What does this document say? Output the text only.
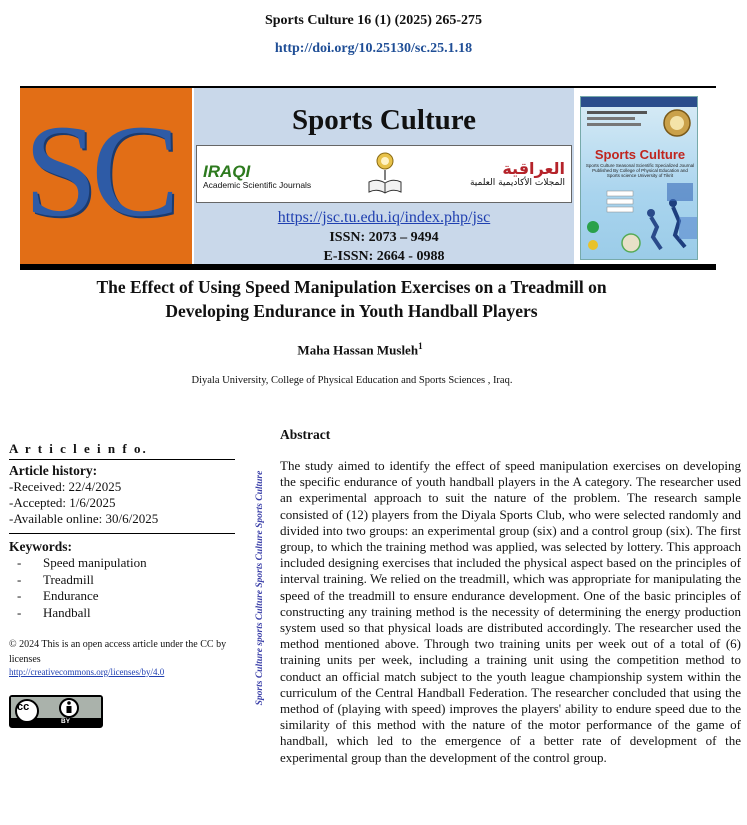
Sports Culture 16 (1) (2025) 265-275
http://doi.org/10.25130/sc.25.1.18
SC	Sports Culture
IRAQI
Academic Scientific Journals
العراقية
المجلات الأكاديمية العلمية
https://jsc.tu.edu.iq/index.php/jsc
ISSN: 2073 – 9494
E-ISSN: 2664 - 0988
Sports Culture
Sports Culture Seasonal Scientific Specialized Journal Published By College of Physical Education and Sports science University of Tikrit
The Effect of Using Speed Manipulation Exercises on a Treadmill on
Developing Endurance in Youth Handball Players
Maha Hassan Musleh$^1$
Diyala University, College of Physical Education and Sports Sciences , Iraq.
A r t i c l e i n f o.
Article history:
-Received: 22/4/2025
-Accepted: 1/6/2025
-Available online: 30/6/2025
Keywords:
-	Speed manipulation
-	Treadmill
-	Endurance
-	Handball
© 2024 This is an open access article under the CC by licenses
http://creativecommons.org/licenses/by/4.0
cc
BY
Sports Culture sports Culture Sports Culture Sports Culture
Abstract
The study aimed to identify the effect of speed manipulation exercises on developing the specific endurance of youth handball players in the A category. The researcher used an experimental approach to suit the nature of the problem. The research sample consisted of (12) players from the Diyala Sports Club, who were selected randomly and divided into two groups: an experimental group (six) and a control group (six). The first group, to which the training method was applied, was selected by lottery. This approach included designing exercises that included the physical aspect based on the principles of interval training. We relied on the treadmill, which was appropriate for manipulating the speed of the treadmill to ensure endurance development. One of the basic principles of constructing any training method is the necessity of determining the energy production system used so that physical loads are distributed accordingly. The researcher used the method mentioned above. Through two training units per week out of a total of (6) training units per week, including a training unit using the competition method to conduct an official match subject to the youth league championship system within the curriculum of the Central Handball Federation. The researcher concluded that using the method of (playing with speed) improves the players' ability to endure speed due to the similarity of this method with the nature of the motor performance of the game of handball, which led to the emergence of a better rate of development of the experimental group than the development of the control group.
